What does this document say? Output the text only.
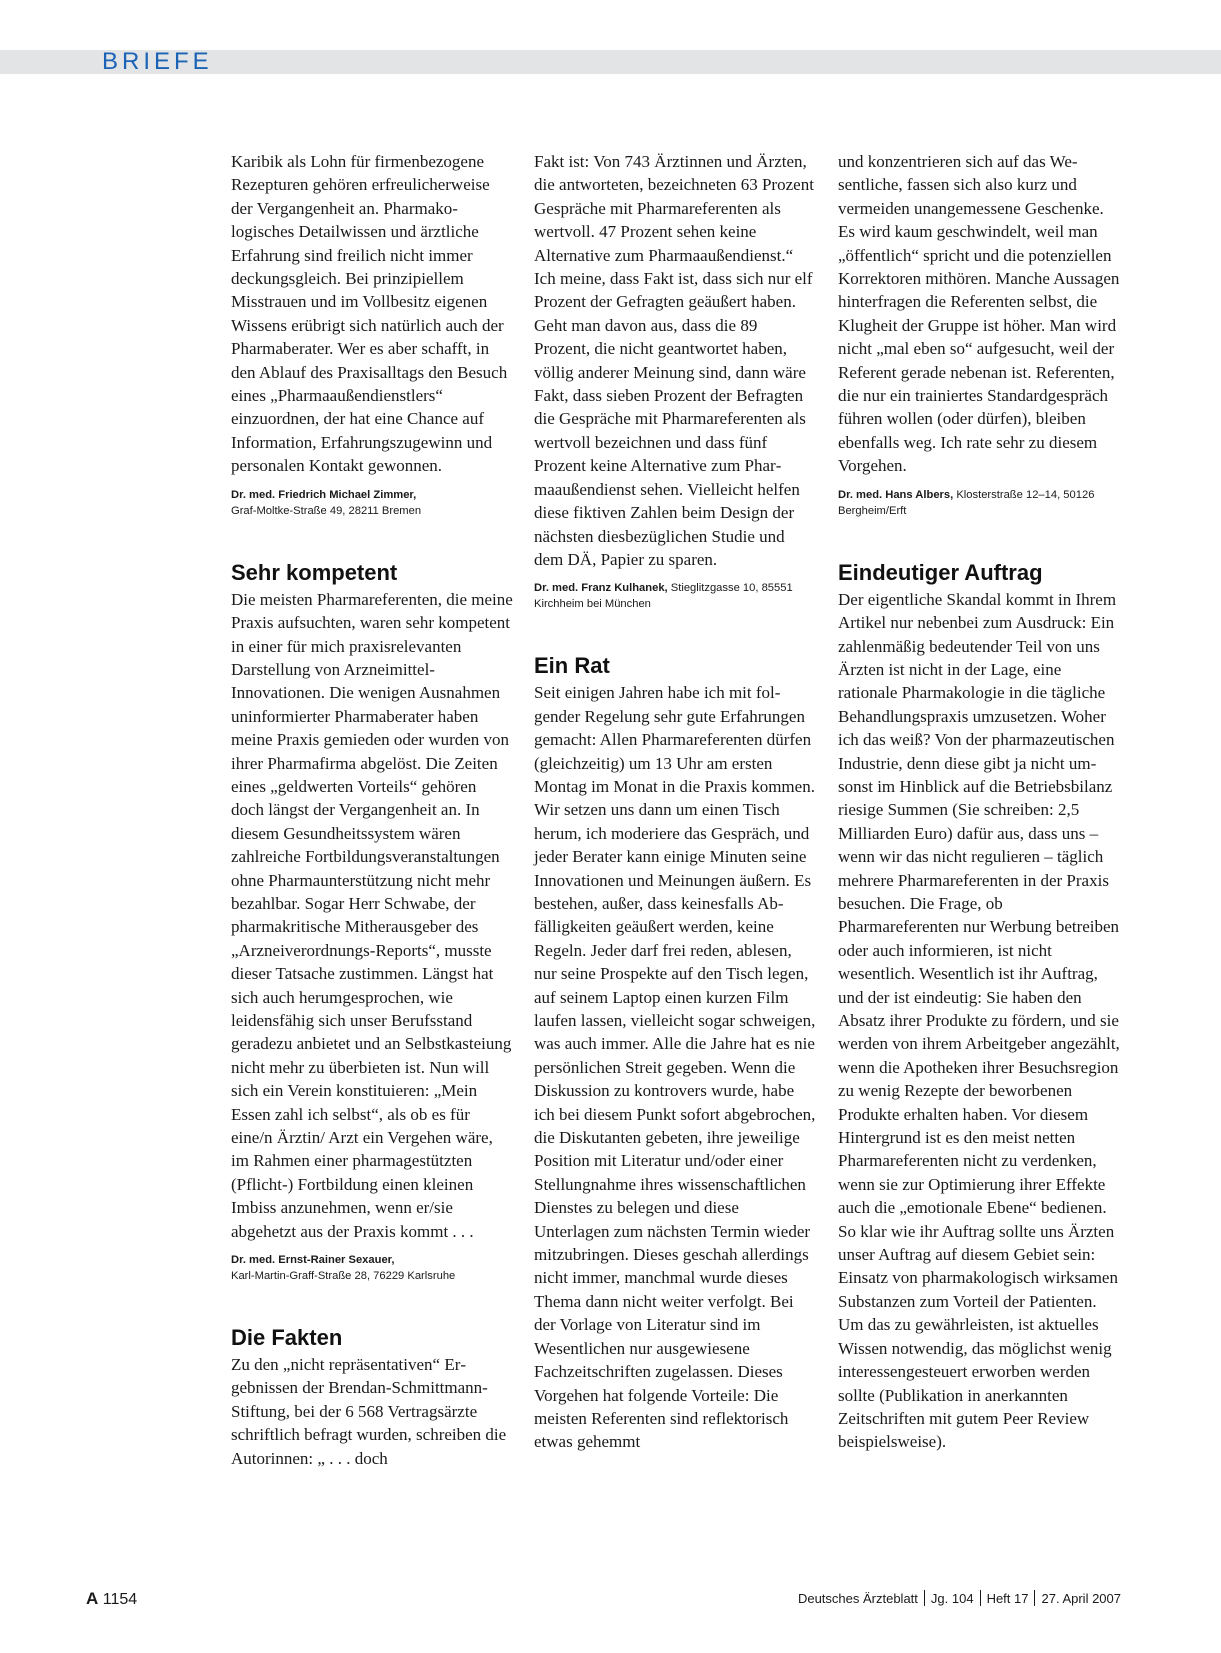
BRIEFE

Karibik als Lohn für firmenbezogene Rezepturen gehören erfreulicherweise der Vergangenheit an. Pharmakologisches Detailwissen und ärztliche Erfahrung sind freilich nicht immer deckungsgleich. Bei prinzipiellem Misstrauen und im Vollbesitz eigenen Wissens erübrigt sich natürlich auch der Pharmaberater. Wer es aber schafft, in den Ablauf des Praxisalltags den Besuch eines „Pharmaaußendienstlers“ einzuordnen, der hat eine Chance auf Information, Erfahrungszugewinn und personalen Kontakt gewonnen.

Dr. med. Friedrich Michael Zimmer,
Graf-Moltke-Straße 49, 28211 Bremen

Sehr kompetent

Die meisten Pharmareferenten, die meine Praxis aufsuchten, waren sehr kompetent in einer für mich praxisrelevanten Darstellung von Arzneimittel-Innovationen. Die wenigen Ausnahmen uninformierter Pharmaberater haben meine Praxis gemieden oder wurden von ihrer Pharmafirma abgelöst. Die Zeiten eines „geldwerten Vorteils“ gehören doch längst der Vergangenheit an. In diesem Gesundheitssystem wären zahlreiche Fortbildungsveranstaltungen ohne Pharmaunterstützung nicht mehr bezahlbar. Sogar Herr Schwabe, der pharmakritische Mitherausgeber des „Arzneiverordnungs-Reports“, musste dieser Tatsache zustimmen. Längst hat sich auch herumgesprochen, wie leidensfähig sich unser Berufsstand geradezu anbietet und an Selbstkasteiung nicht mehr zu überbieten ist. Nun will sich ein Verein konstituieren: „Mein Essen zahl ich selbst“, als ob es für eine/n Ärztin/ Arzt ein Vergehen wäre, im Rahmen einer pharmagestützten (Pflicht-) Fortbildung einen kleinen Imbiss anzunehmen, wenn er/sie abgehetzt aus der Praxis kommt . . .

Dr. med. Ernst-Rainer Sexauer,
Karl-Martin-Graff-Straße 28, 76229 Karlsruhe

Die Fakten

Zu den „nicht repräsentativen“ Ergebnissen der Brendan-Schmittmann-Stiftung, bei der 6 568 Vertragsärzte schriftlich befragt wurden, schreiben die Autorinnen: „ . . . doch

Fakt ist: Von 743 Ärztinnen und Ärzten, die antworteten, bezeichneten 63 Prozent Gespräche mit Pharmareferenten als wertvoll. 47 Prozent sehen keine Alternative zum Pharmaaußendienst.“ Ich meine, dass Fakt ist, dass sich nur elf Prozent der Gefragten geäußert haben. Geht man davon aus, dass die 89 Prozent, die nicht geantwortet haben, völlig anderer Meinung sind, dann wäre Fakt, dass sieben Prozent der Befragten die Gespräche mit Pharmareferenten als wertvoll bezeichnen und dass fünf Prozent keine Alternative zum Pharmaaußendienst sehen. Vielleicht helfen diese fiktiven Zahlen beim Design der nächsten diesbezüglichen Studie und dem DÄ, Papier zu sparen.

Dr. med. Franz Kulhanek, Stieglitzgasse 10, 85551 Kirchheim bei München

Ein Rat

Seit einigen Jahren habe ich mit folgender Regelung sehr gute Erfahrungen gemacht: Allen Pharmareferenten dürfen (gleichzeitig) um 13 Uhr am ersten Montag im Monat in die Praxis kommen. Wir setzen uns dann um einen Tisch herum, ich moderiere das Gespräch, und jeder Berater kann einige Minuten seine Innovationen und Meinungen äußern. Es bestehen, außer, dass keinesfalls Abfälligkeiten geäußert werden, keine Regeln. Jeder darf frei reden, ablesen, nur seine Prospekte auf den Tisch legen, auf seinem Laptop einen kurzen Film laufen lassen, vielleicht sogar schweigen, was auch immer. Alle die Jahre hat es nie persönlichen Streit gegeben. Wenn die Diskussion zu kontrovers wurde, habe ich bei diesem Punkt sofort abgebrochen, die Diskutanten gebeten, ihre jeweilige Position mit Literatur und/oder einer Stellungnahme ihres wissenschaftlichen Dienstes zu belegen und diese Unterlagen zum nächsten Termin wieder mitzubringen. Dieses geschah allerdings nicht immer, manchmal wurde dieses Thema dann nicht weiter verfolgt. Bei der Vorlage von Literatur sind im Wesentlichen nur ausgewiesene Fachzeitschriften zugelassen. Dieses Vorgehen hat folgende Vorteile: Die meisten Referenten sind reflektorisch etwas gehemmt

und konzentrieren sich auf das Wesentliche, fassen sich also kurz und vermeiden unangemessene Geschenke. Es wird kaum geschwindelt, weil man „öffentlich“ spricht und die potenziellen Korrektoren mithören. Manche Aussagen hinterfragen die Referenten selbst, die Klugheit der Gruppe ist höher. Man wird nicht „mal eben so“ aufgesucht, weil der Referent gerade nebenan ist. Referenten, die nur ein trainiertes Standardgespräch führen wollen (oder dürfen), bleiben ebenfalls weg. Ich rate sehr zu diesem Vorgehen.

Dr. med. Hans Albers, Klosterstraße 12–14, 50126 Bergheim/Erft

Eindeutiger Auftrag

Der eigentliche Skandal kommt in Ihrem Artikel nur nebenbei zum Ausdruck: Ein zahlenmäßig bedeutender Teil von uns Ärzten ist nicht in der Lage, eine rationale Pharmakologie in die tägliche Behandlungspraxis umzusetzen. Woher ich das weiß? Von der pharmazeutischen Industrie, denn diese gibt ja nicht umsonst im Hinblick auf die Betriebsbilanz riesige Summen (Sie schreiben: 2,5 Milliarden Euro) dafür aus, dass uns – wenn wir das nicht regulieren – täglich mehrere Pharmareferenten in der Praxis besuchen. Die Frage, ob Pharmareferenten nur Werbung betreiben oder auch informieren, ist nicht wesentlich. Wesentlich ist ihr Auftrag, und der ist eindeutig: Sie haben den Absatz ihrer Produkte zu fördern, und sie werden von ihrem Arbeitgeber angezählt, wenn die Apotheken ihrer Besuchsregion zu wenig Rezepte der beworbenen Produkte erhalten haben. Vor diesem Hintergrund ist es den meist netten Pharmareferenten nicht zu verdenken, wenn sie zur Optimierung ihrer Effekte auch die „emotionale Ebene“ bedienen. So klar wie ihr Auftrag sollte uns Ärzten unser Auftrag auf diesem Gebiet sein: Einsatz von pharmakologisch wirksamen Substanzen zum Vorteil der Patienten. Um das zu gewährleisten, ist aktuelles Wissen notwendig, das möglichst wenig interessengesteuert erworben werden sollte (Publikation in anerkannten Zeitschriften mit gutem Peer Review beispielsweise).

A 1154	Deutsches Ärzteblatt Jg. 104 Heft 17 27. April 2007
